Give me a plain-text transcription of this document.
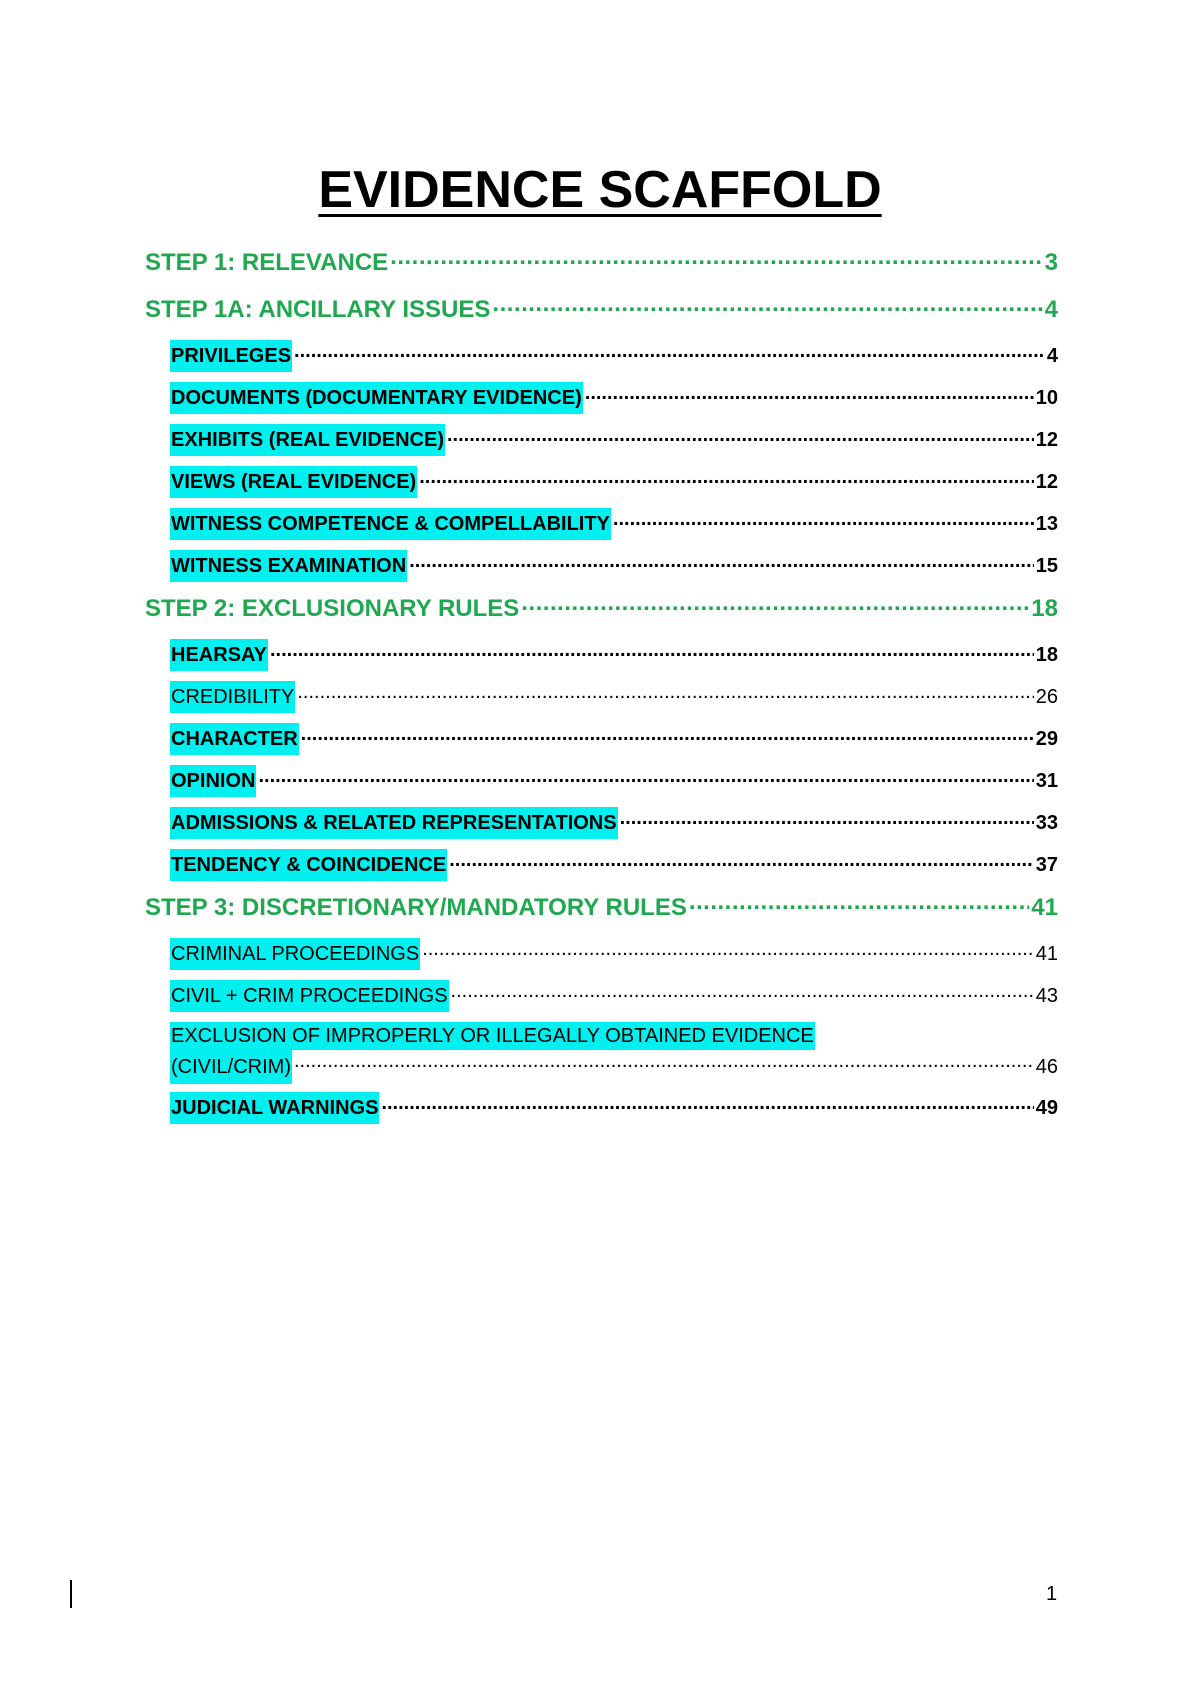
EVIDENCE SCAFFOLD
STEP 1: RELEVANCE .....	3
STEP 1A: ANCILLARY ISSUES .....	4
PRIVILEGES .....	4
DOCUMENTS (DOCUMENTARY EVIDENCE) .....	10
EXHIBITS (REAL EVIDENCE) .....	12
VIEWS (REAL EVIDENCE) .....	12
WITNESS COMPETENCE & COMPELLABILITY .....	13
WITNESS EXAMINATION .....	15
STEP 2: EXCLUSIONARY RULES .....	18
HEARSAY .....	18
CREDIBILITY .....	26
CHARACTER .....	29
OPINION .....	31
ADMISSIONS & RELATED REPRESENTATIONS .....	33
TENDENCY & COINCIDENCE .....	37
STEP 3: DISCRETIONARY/MANDATORY RULES .....	41
CRIMINAL PROCEEDINGS .....	41
CIVIL + CRIM PROCEEDINGS .....	43
EXCLUSION OF IMPROPERLY OR ILLEGALLY OBTAINED EVIDENCE
(CIVIL/CRIM) .....	46
JUDICIAL WARNINGS .....	49
1
